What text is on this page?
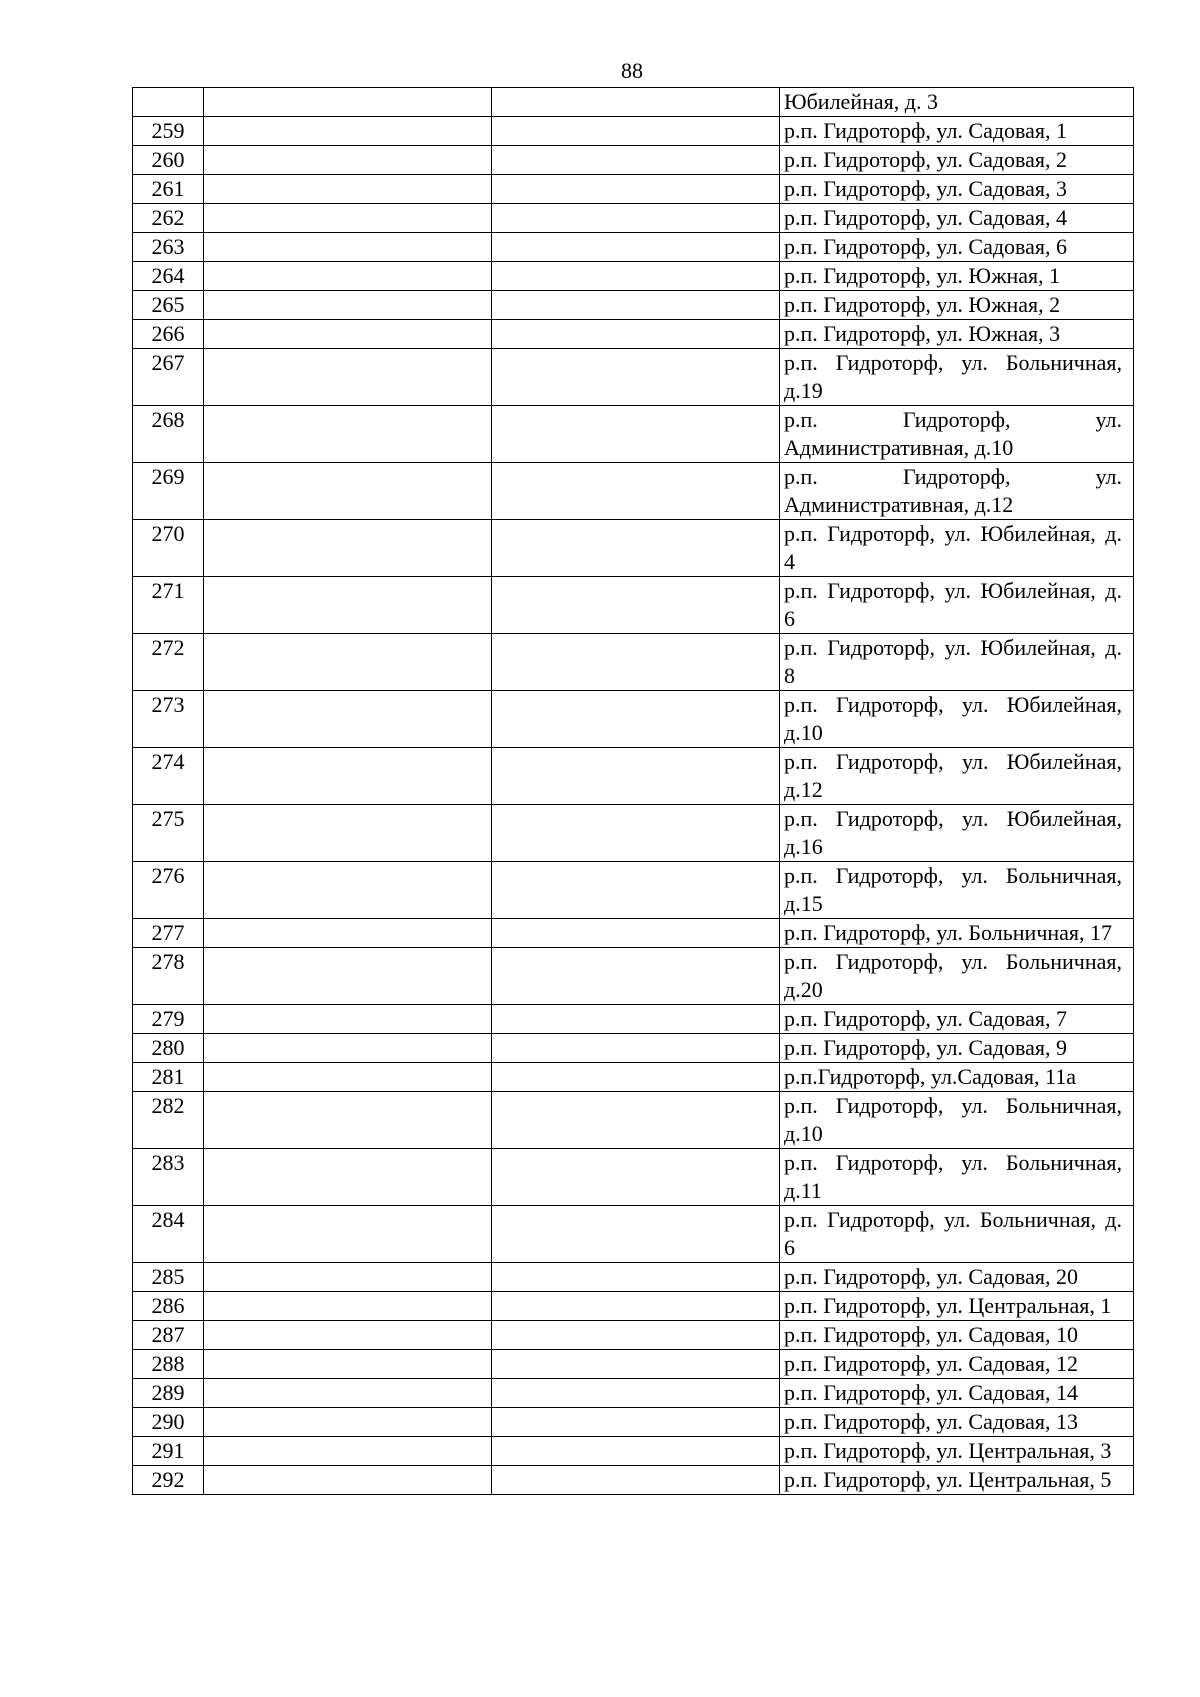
88
			Юбилейная, д. 3
259			р.п. Гидроторф, ул. Садовая, 1
260			р.п. Гидроторф, ул. Садовая, 2
261			р.п. Гидроторф, ул. Садовая, 3
262			р.п. Гидроторф, ул. Садовая, 4
263			р.п. Гидроторф, ул. Садовая, 6
264			р.п. Гидроторф, ул. Южная, 1
265			р.п. Гидроторф, ул. Южная, 2
266			р.п. Гидроторф, ул. Южная, 3
267			р.п. Гидроторф, ул. Больничная, д.19
268			р.п. Гидроторф, ул. Административная, д.10
269			р.п. Гидроторф, ул. Административная, д.12
270			р.п. Гидроторф, ул. Юбилейная, д. 4
271			р.п. Гидроторф, ул. Юбилейная, д. 6
272			р.п. Гидроторф, ул. Юбилейная, д. 8
273			р.п. Гидроторф, ул. Юбилейная, д.10
274			р.п. Гидроторф, ул. Юбилейная, д.12
275			р.п. Гидроторф, ул. Юбилейная, д.16
276			р.п. Гидроторф, ул. Больничная, д.15
277			р.п. Гидроторф, ул. Больничная, 17
278			р.п. Гидроторф, ул. Больничная, д.20
279			р.п. Гидроторф, ул. Садовая, 7
280			р.п. Гидроторф, ул. Садовая, 9
281			р.п.Гидроторф, ул.Садовая, 11а
282			р.п. Гидроторф, ул. Больничная, д.10
283			р.п. Гидроторф, ул. Больничная, д.11
284			р.п. Гидроторф, ул. Больничная, д. 6
285			р.п. Гидроторф, ул. Садовая, 20
286			р.п. Гидроторф, ул. Центральная, 1
287			р.п. Гидроторф, ул. Садовая, 10
288			р.п. Гидроторф, ул. Садовая, 12
289			р.п. Гидроторф, ул. Садовая, 14
290			р.п. Гидроторф, ул. Садовая, 13
291			р.п. Гидроторф, ул. Центральная, 3
292			р.п. Гидроторф, ул. Центральная, 5
